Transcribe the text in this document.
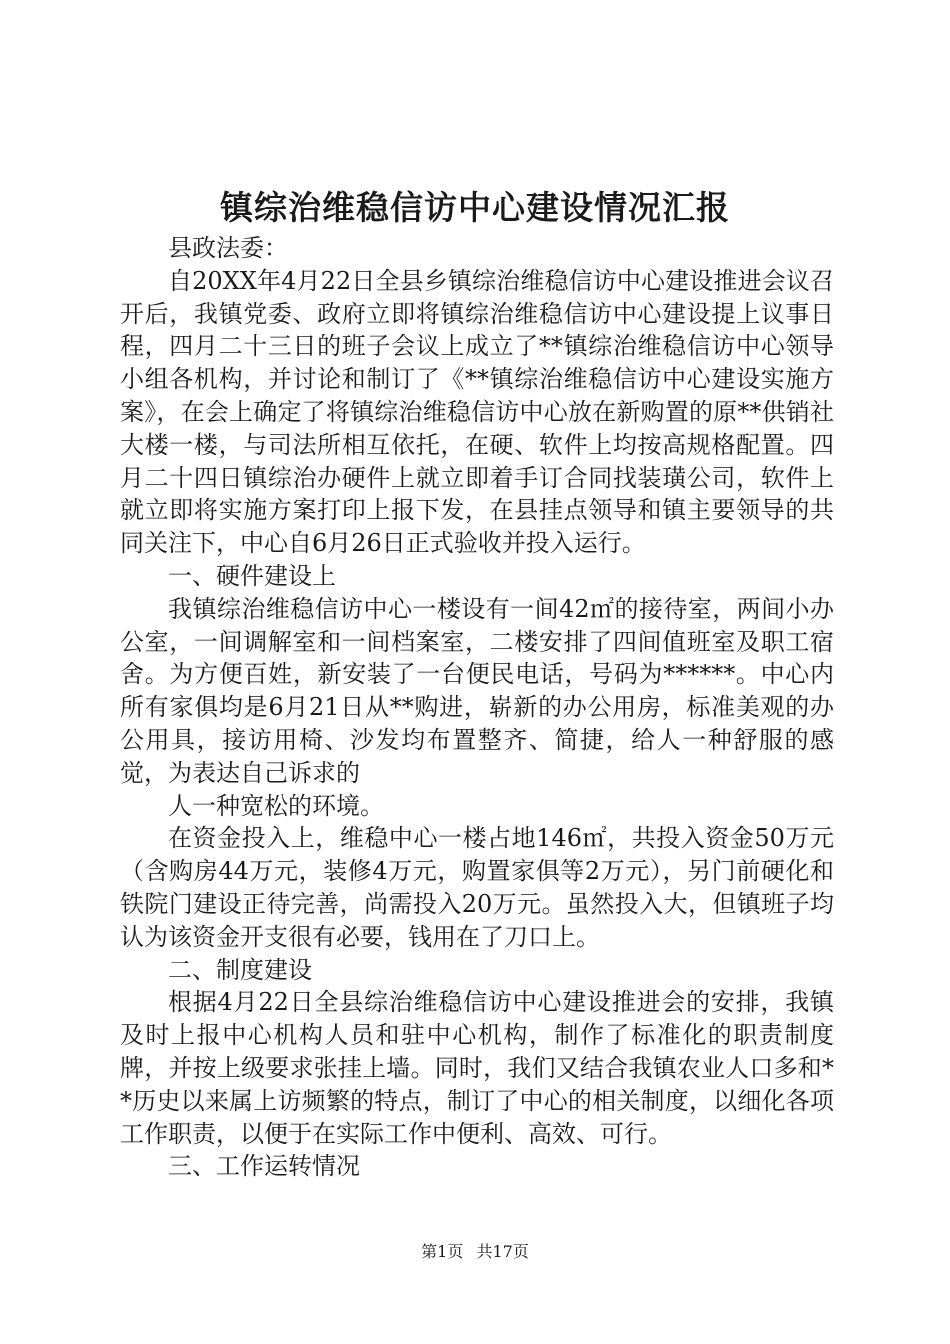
镇综治维稳信访中心建设情况汇报

县政法委：

自20XX年4月22日全县乡镇综治维稳信访中心建设推进会议召开后，我镇党委、政府立即将镇综治维稳信访中心建设提上议事日程，四月二十三日的班子会议上成立了**镇综治维稳信访中心领导小组各机构，并讨论和制订了《**镇综治维稳信访中心建设实施方案》，在会上确定了将镇综治维稳信访中心放在新购置的原**供销社大楼一楼，与司法所相互依托，在硬、软件上均按高规格配置。四月二十四日镇综治办硬件上就立即着手订合同找装璜公司，软件上就立即将实施方案打印上报下发，在县挂点领导和镇主要领导的共同关注下，中心自6月26日正式验收并投入运行。

一、硬件建设上

我镇综治维稳信访中心一楼设有一间42㎡的接待室，两间小办公室，一间调解室和一间档案室，二楼安排了四间值班室及职工宿舍。为方便百姓，新安装了一台便民电话，号码为******。中心内所有家俱均是6月21日从**购进，崭新的办公用房，标准美观的办公用具，接访用椅、沙发均布置整齐、简捷，给人一种舒服的感觉，为表达自己诉求的

人一种宽松的环境。

在资金投入上，维稳中心一楼占地146㎡，共投入资金50万元（含购房44万元，装修4万元，购置家俱等2万元），另门前硬化和铁院门建设正待完善，尚需投入20万元。虽然投入大，但镇班子均认为该资金开支很有必要，钱用在了刀口上。

二、制度建设

根据4月22日全县综治维稳信访中心建设推进会的安排，我镇及时上报中心机构人员和驻中心机构，制作了标准化的职责制度牌，并按上级要求张挂上墙。同时，我们又结合我镇农业人口多和**历史以来属上访频繁的特点，制订了中心的相关制度，以细化各项工作职责，以便于在实际工作中便利、高效、可行。

三、工作运转情况

第1页 共17页
